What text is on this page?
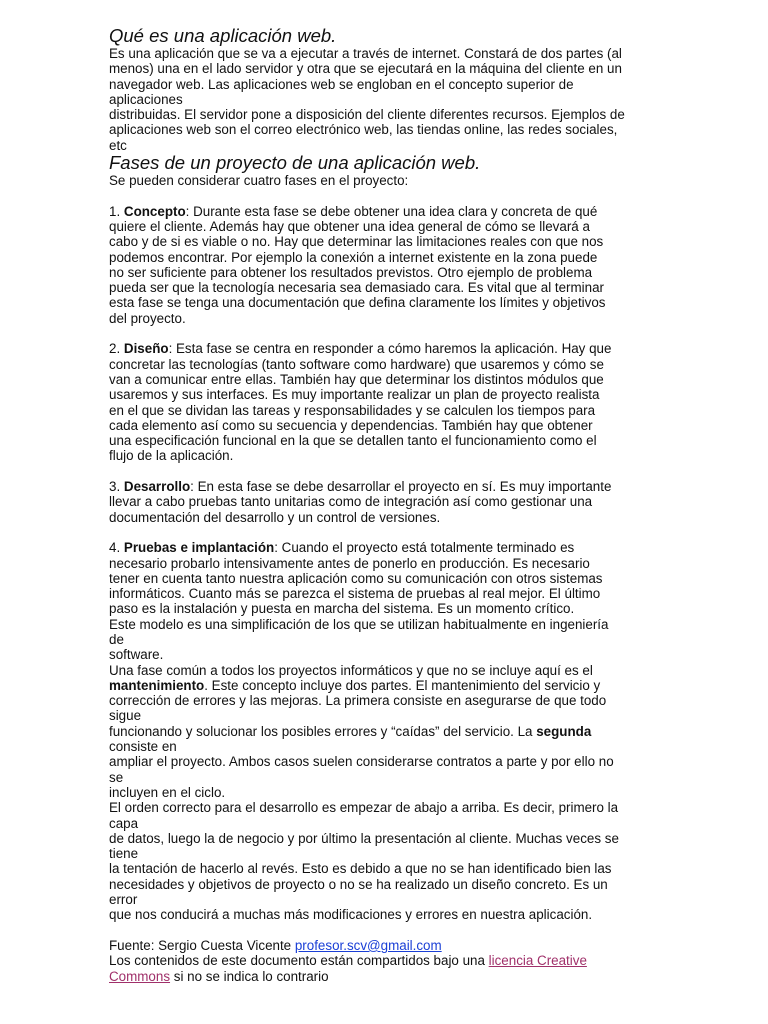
Qué es una aplicación web.
Es una aplicación que se va a ejecutar a través de internet. Constará de dos partes (al
menos) una en el lado servidor y otra que se ejecutará en la máquina del cliente en un
navegador web. Las aplicaciones web se engloban en el concepto superior de
aplicaciones
distribuidas. El servidor pone a disposición del cliente diferentes recursos. Ejemplos de
aplicaciones web son el correo electrónico web, las tiendas online, las redes sociales,
etc
Fases de un proyecto de una aplicación web.
Se pueden considerar cuatro fases en el proyecto:
1. Concepto: Durante esta fase se debe obtener una idea clara y concreta de qué
quiere el cliente. Además hay que obtener una idea general de cómo se llevará a
cabo y de si es viable o no. Hay que determinar las limitaciones reales con que nos
podemos encontrar. Por ejemplo la conexión a internet existente en la zona puede
no ser suficiente para obtener los resultados previstos. Otro ejemplo de problema
pueda ser que la tecnología necesaria sea demasiado cara. Es vital que al terminar
esta fase se tenga una documentación que defina claramente los límites y objetivos
del proyecto.
2. Diseño: Esta fase se centra en responder a cómo haremos la aplicación. Hay que
concretar las tecnologías (tanto software como hardware) que usaremos y cómo se
van a comunicar entre ellas. También hay que determinar los distintos módulos que
usaremos y sus interfaces. Es muy importante realizar un plan de proyecto realista
en el que se dividan las tareas y responsabilidades y se calculen los tiempos para
cada elemento así como su secuencia y dependencias. También hay que obtener
una especificación funcional en la que se detallen tanto el funcionamiento como el
flujo de la aplicación.
3. Desarrollo: En esta fase se debe desarrollar el proyecto en sí. Es muy importante
llevar a cabo pruebas tanto unitarias como de integración así como gestionar una
documentación del desarrollo y un control de versiones.
4. Pruebas e implantación: Cuando el proyecto está totalmente terminado es
necesario probarlo intensivamente antes de ponerlo en producción. Es necesario
tener en cuenta tanto nuestra aplicación como su comunicación con otros sistemas
informáticos. Cuanto más se parezca el sistema de pruebas al real mejor. El último
paso es la instalación y puesta en marcha del sistema. Es un momento crítico.
Este modelo es una simplificación de los que se utilizan habitualmente en ingeniería
de
software.
Una fase común a todos los proyectos informáticos y que no se incluye aquí es el
mantenimiento. Este concepto incluye dos partes. El mantenimiento del servicio y
corrección de errores y las mejoras. La primera consiste en asegurarse de que todo
sigue
funcionando y solucionar los posibles errores y “caídas” del servicio. La segunda
consiste en
ampliar el proyecto. Ambos casos suelen considerarse contratos a parte y por ello no
se
incluyen en el ciclo.
El orden correcto para el desarrollo es empezar de abajo a arriba. Es decir, primero la
capa
de datos, luego la de negocio y por último la presentación al cliente. Muchas veces se
tiene
la tentación de hacerlo al revés. Esto es debido a que no se han identificado bien las
necesidades y objetivos de proyecto o no se ha realizado un diseño concreto. Es un
error
que nos conducirá a muchas más modificaciones y errores en nuestra aplicación.
Fuente: Sergio Cuesta Vicente profesor.scv@gmail.com
Los contenidos de este documento están compartidos bajo una licencia Creative
Commons si no se indica lo contrario
